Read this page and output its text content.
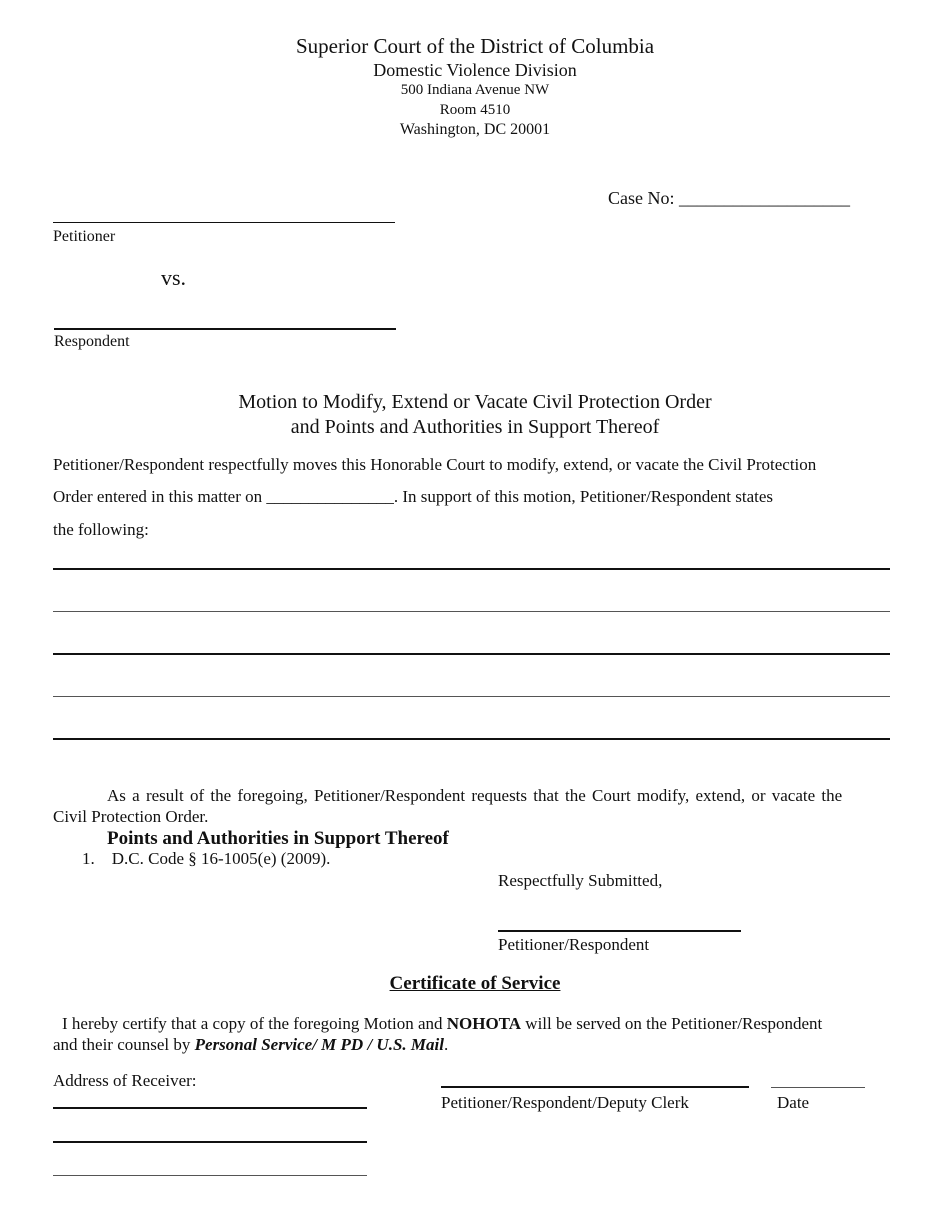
Superior Court of the District of Columbia
Domestic Violence Division
500 Indiana Avenue NW
Room 4510
Washington, DC 20001
Case No: ___________________
Petitioner
vs.
Respondent
Motion to Modify, Extend or Vacate Civil Protection Order
and Points and Authorities in Support Thereof
Petitioner/Respondent respectfully moves this Honorable Court to modify, extend, or vacate the Civil Protection
Order entered in this matter on _______________. In support of this motion, Petitioner/Respondent states
the following:
As a result of the foregoing, Petitioner/Respondent requests that the Court modify, extend, or vacate the
Civil Protection Order.
Points and Authorities in Support Thereof
1.    D.C. Code § 16-1005(e) (2009).
Respectfully Submitted,
Petitioner/Respondent
Certificate of Service
I hereby certify that a copy of the foregoing Motion and NOHOTA will be served on the Petitioner/Respondent
and their counsel by Personal Service/ M PD / U.S. Mail.
Address of Receiver:
Petitioner/Respondent/Deputy Clerk	Date
